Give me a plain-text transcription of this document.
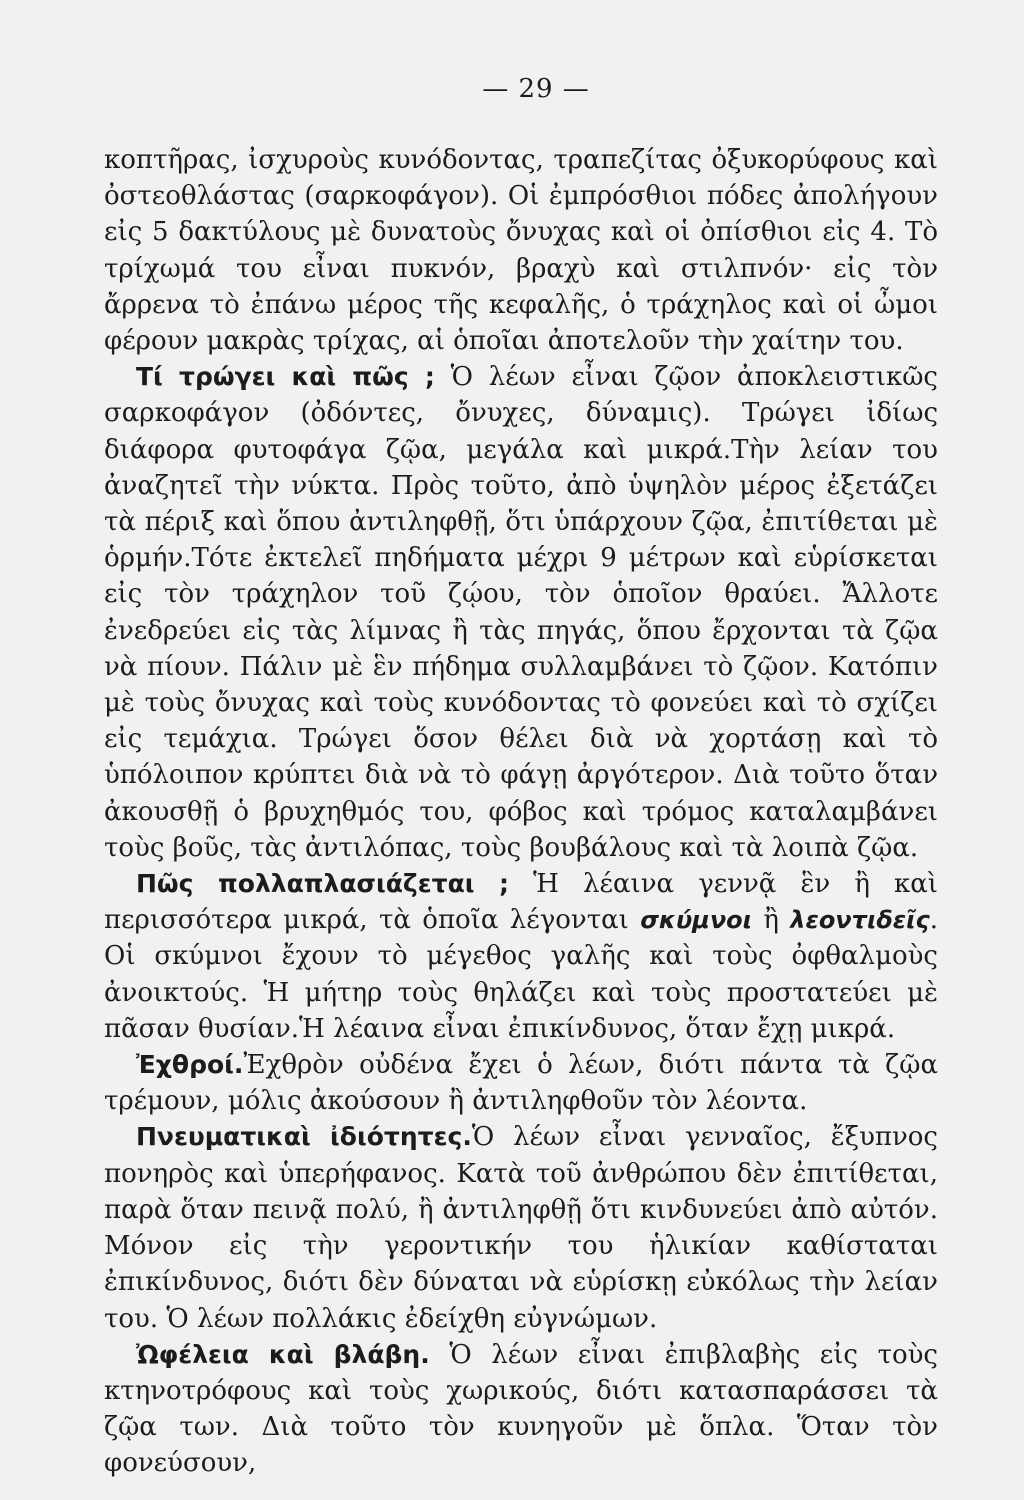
— 29 —

κοπτῆρας, ἰσχυροὺς κυνόδοντας, τραπεζίτας ὀξυκορύφους καὶ ὀστεοθλάστας (σαρκοφάγον). Οἱ ἐμπρόσθιοι πόδες ἀπολήγουν εἰς 5 δακτύλους μὲ δυνατοὺς ὄνυχας καὶ οἱ ὀπίσθιοι εἰς 4. Τὸ τρίχωμά του εἶναι πυκνόν, βραχὺ καὶ στιλπνόν· εἰς τὸν ἄρρενα τὸ ἐπάνω μέρος τῆς κεφαλῆς, ὁ τράχηλος καὶ οἱ ὦμοι φέρουν μακρὰς τρίχας, αἱ ὁποῖαι ἀποτελοῦν τὴν χαίτην του.

Τί τρώγει καὶ πῶς ; Ὁ λέων εἶναι ζῷον ἀποκλειστικῶς σαρκοφάγον (ὀδόντες, ὄνυχες, δύναμις). Τρώγει ἰδίως διάφορα φυτοφάγα ζῷα, μεγάλα καὶ μικρά.Τὴν λείαν του ἀναζητεῖ τὴν νύκτα. Πρὸς τοῦτο, ἀπὸ ὑψηλὸν μέρος ἐξετάζει τὰ πέριξ καὶ ὅπου ἀντιληφθῇ, ὅτι ὑπάρχουν ζῷα, ἐπιτίθεται μὲ ὁρμήν.Τότε ἐκτελεῖ πηδήματα μέχρι 9 μέτρων καὶ εὑρίσκεται εἰς τὸν τράχηλον τοῦ ζῴου, τὸν ὁποῖον θραύει. Ἄλλοτε ἐνεδρεύει εἰς τὰς λίμνας ἢ τὰς πηγάς, ὅπου ἔρχονται τὰ ζῷα νὰ πίουν. Πάλιν μὲ ἓν πήδημα συλλαμβάνει τὸ ζῷον. Κατόπιν μὲ τοὺς ὄνυχας καὶ τοὺς κυνόδοντας τὸ φονεύει καὶ τὸ σχίζει εἰς τεμάχια. Τρώγει ὅσον θέλει διὰ νὰ χορτάσῃ καὶ τὸ ὑπόλοιπον κρύπτει διὰ νὰ τὸ φάγῃ ἀργότερον. Διὰ τοῦτο ὅταν ἀκουσθῇ ὁ βρυχηθμός του, φόβος καὶ τρόμος καταλαμβάνει τοὺς βοῦς, τὰς ἀντιλόπας, τοὺς βουβάλους καὶ τὰ λοιπὰ ζῷα.

Πῶς πολλαπλασιάζεται ; Ἡ λέαινα γεννᾷ ἓν ἢ καὶ περισσότερα μικρά, τὰ ὁποῖα λέγονται σκύμνοι ἢ λεοντιδεῖς. Οἱ σκύμνοι ἔχουν τὸ μέγεθος γαλῆς καὶ τοὺς ὀφθαλμοὺς ἀνοικτούς. Ἡ μήτηρ τοὺς θηλάζει καὶ τοὺς προστατεύει μὲ πᾶσαν θυσίαν.Ἡ λέαινα εἶναι ἐπικίνδυνος, ὅταν ἔχῃ μικρά.

Ἐχθροί.Ἐχθρὸν οὐδένα ἔχει ὁ λέων, διότι πάντα τὰ ζῷα τρέμουν, μόλις ἀκούσουν ἢ ἀντιληφθοῦν τὸν λέοντα.

Πνευματικαὶ ἰδιότητες.Ὁ λέων εἶναι γενναῖος, ἔξυπνος πονηρὸς καὶ ὑπερήφανος. Κατὰ τοῦ ἀνθρώπου δὲν ἐπιτίθεται, παρὰ ὅταν πεινᾷ πολύ, ἢ ἀντιληφθῇ ὅτι κινδυνεύει ἀπὸ αὐτόν. Μόνον εἰς τὴν γεροντικήν του ἡλικίαν καθίσταται ἐπικίνδυνος, διότι δὲν δύναται νὰ εὑρίσκῃ εὐκόλως τὴν λείαν του. Ὁ λέων πολλάκις ἐδείχθη εὐγνώμων.

Ὠφέλεια καὶ βλάβη. Ὁ λέων εἶναι ἐπιβλαβὴς εἰς τοὺς κτηνοτρόφους καὶ τοὺς χωρικούς, διότι κατασπαράσσει τὰ ζῷα των. Διὰ τοῦτο τὸν κυνηγοῦν μὲ ὅπλα. Ὅταν τὸν φονεύσουν,
